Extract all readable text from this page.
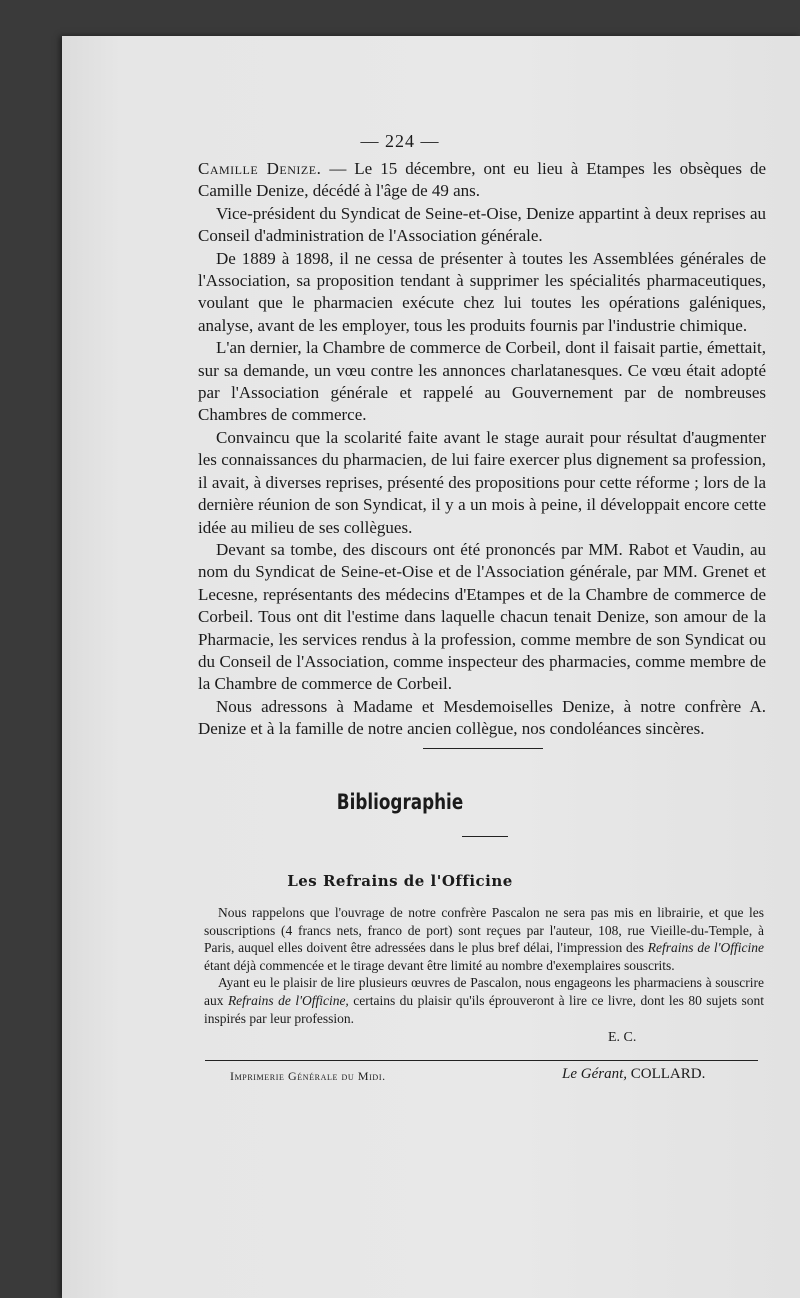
— 224 —

Camille Denize. — Le 15 décembre, ont eu lieu à Etampes les obsèques de Camille Denize, décédé à l'âge de 49 ans.

Vice-président du Syndicat de Seine-et-Oise, Denize appartint à deux reprises au Conseil d'administration de l'Association générale.

De 1889 à 1898, il ne cessa de présenter à toutes les Assemblées générales de l'Association, sa proposition tendant à supprimer les spécialités pharmaceutiques, voulant que le pharmacien exécute chez lui toutes les opérations galéniques, analyse, avant de les employer, tous les produits fournis par l'industrie chimique.

L'an dernier, la Chambre de commerce de Corbeil, dont il faisait partie, émettait, sur sa demande, un vœu contre les annonces charlatanesques. Ce vœu était adopté par l'Association générale et rappelé au Gouvernement par de nombreuses Chambres de commerce.

Convaincu que la scolarité faite avant le stage aurait pour résultat d'augmenter les connaissances du pharmacien, de lui faire exercer plus dignement sa profession, il avait, à diverses reprises, présenté des propositions pour cette réforme ; lors de la dernière réunion de son Syndicat, il y a un mois à peine, il développait encore cette idée au milieu de ses collègues.

Devant sa tombe, des discours ont été prononcés par MM. Rabot et Vaudin, au nom du Syndicat de Seine-et-Oise et de l'Association générale, par MM. Grenet et Lecesne, représentants des médecins d'Etampes et de la Chambre de commerce de Corbeil. Tous ont dit l'estime dans laquelle chacun tenait Denize, son amour de la Pharmacie, les services rendus à la profession, comme membre de son Syndicat ou du Conseil de l'Association, comme inspecteur des pharmacies, comme membre de la Chambre de commerce de Corbeil.

Nous adressons à Madame et Mesdemoiselles Denize, à notre confrère A. Denize et à la famille de notre ancien collègue, nos condoléances sincères.

Bibliographie
Les Refrains de l'Officine

Nous rappelons que l'ouvrage de notre confrère Pascalon ne sera pas mis en librairie, et que les souscriptions (4 francs nets, franco de port) sont reçues par l'auteur, 108, rue Vieille-du-Temple, à Paris, auquel elles doivent être adressées dans le plus bref délai, l'impression des Refrains de l'Officine étant déjà commencée et le tirage devant être limité au nombre d'exemplaires souscrits.

Ayant eu le plaisir de lire plusieurs œuvres de Pascalon, nous engageons les pharmaciens à souscrire aux Refrains de l'Officine, certains du plaisir qu'ils éprouveront à lire ce livre, dont les 80 sujets sont inspirés par leur profession.

E. C.
Imprimerie Générale du Midi.	Le Gérant, COLLARD.
